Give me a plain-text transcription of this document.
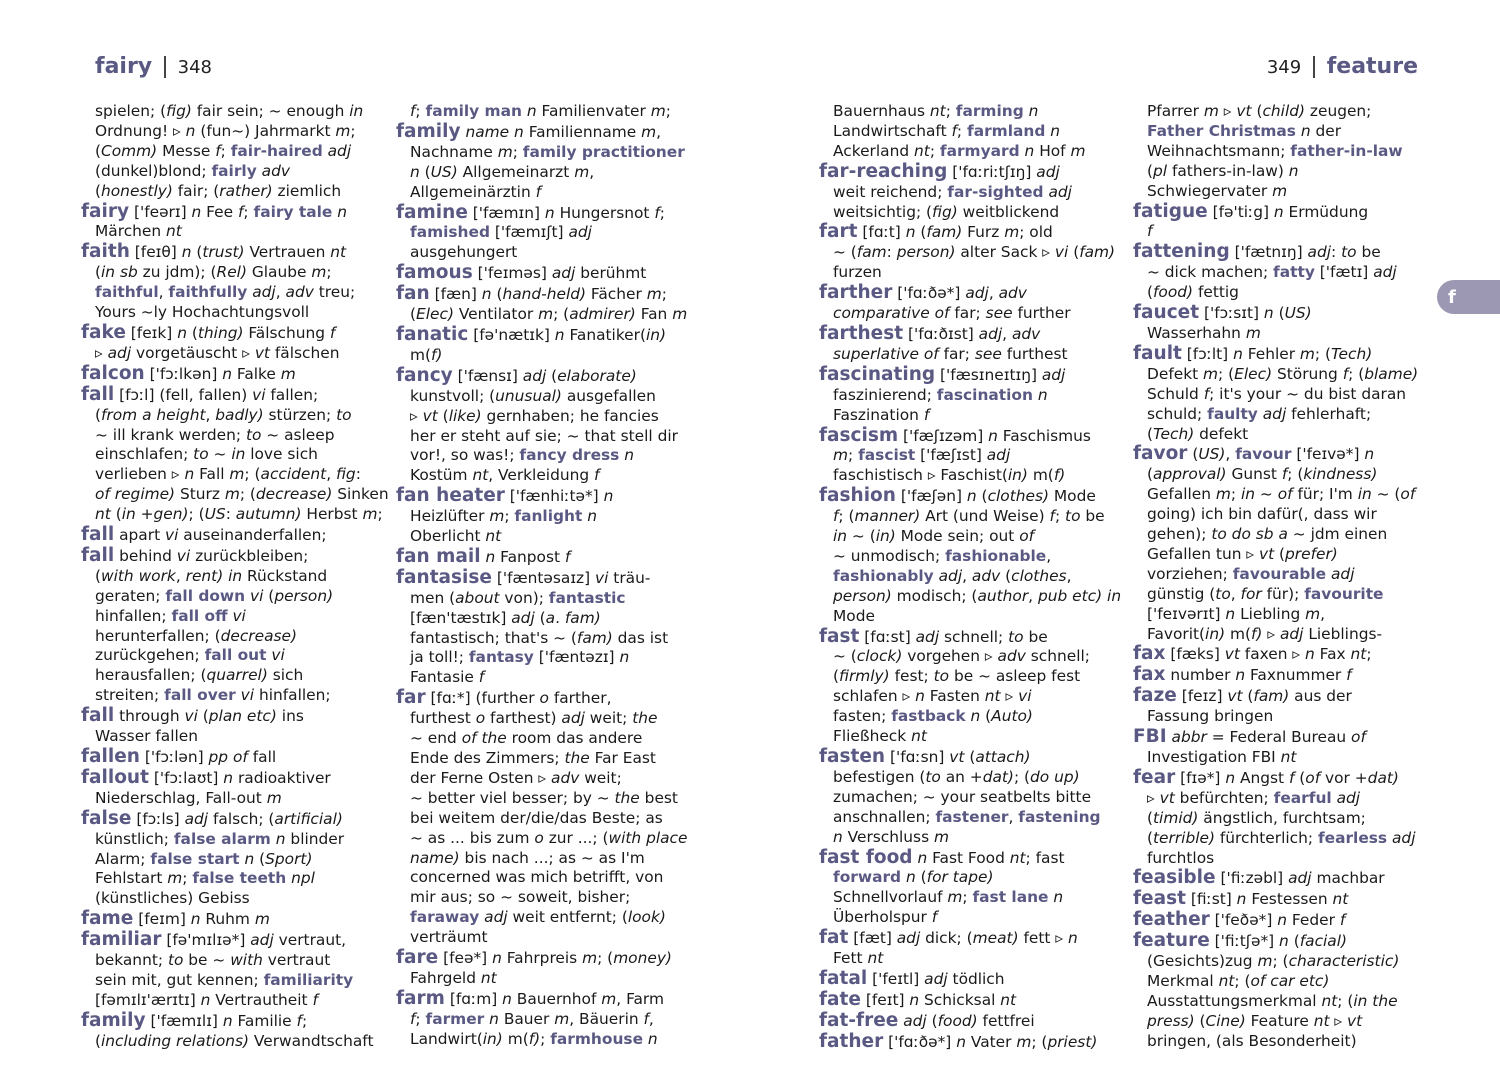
fairy 348	349 feature
f
spielen; (fig) fair sein; ~ enough in
Ordnung! ▹ n (fun~) Jahrmarkt m;
(Comm) Messe f; fair-haired adj
(dunkel)blond; fairly adv
(honestly) fair; (rather) ziemlich
fairy ['feərɪ] n Fee f; fairy tale n
Märchen nt
faith [feɪθ] n (trust) Vertrauen nt
(in sb zu jdm); (Rel) Glaube m;
faithful, faithfully adj, adv treu;
Yours ~ly Hochachtungsvoll
fake [feɪk] n (thing) Fälschung f
▹ adj vorgetäuscht ▹ vt fälschen
falcon ['fɔːlkən] n Falke m
fall [fɔːl] (fell, fallen) vi fallen;
(from a height, badly) stürzen; to
~ ill krank werden; to ~ asleep
einschlafen; to ~ in love sich
verlieben ▹ n Fall m; (accident, fig:
of regime) Sturz m; (decrease) Sinken
nt (in +gen); (US: autumn) Herbst m;
fall apart vi auseinanderfallen;
fall behind vi zurückbleiben;
(with work, rent) in Rückstand
geraten; fall down vi (person)
hinfallen; fall off vi
herunterfallen; (decrease)
zurückgehen; fall out vi
herausfallen; (quarrel) sich
streiten; fall over vi hinfallen;
fall through vi (plan etc) ins
Wasser fallen
fallen ['fɔːlən] pp of fall
fallout ['fɔːlaʊt] n radioaktiver
Niederschlag, Fall-out m
false [fɔːls] adj falsch; (artificial)
künstlich; false alarm n blinder
Alarm; false start n (Sport)
Fehlstart m; false teeth npl
(künstliches) Gebiss
fame [feɪm] n Ruhm m
familiar [fə'mɪlɪə*] adj vertraut,
bekannt; to be ~ with vertraut
sein mit, gut kennen; familiarity
[fəmɪlɪ'ærɪtɪ] n Vertrautheit f
family ['fæmɪlɪ] n Familie f;
(including relations) Verwandtschaft
f; family man n Familienvater m;
family name n Familienname m,
Nachname m; family practitioner
n (US) Allgemeinarzt m,
Allgemeinärztin f
famine ['fæmɪn] n Hungersnot f;
famished ['fæmɪʃt] adj
ausgehungert
famous ['feɪməs] adj berühmt
fan [fæn] n (hand-held) Fächer m;
(Elec) Ventilator m; (admirer) Fan m
fanatic [fə'nætɪk] n Fanatiker(in)
m(f)
fancy ['fænsɪ] adj (elaborate)
kunstvoll; (unusual) ausgefallen
▹ vt (like) gernhaben; he fancies
her er steht auf sie; ~ that stell dir
vor!, so was!; fancy dress n
Kostüm nt, Verkleidung f
fan heater ['fænhiːtə*] n
Heizlüfter m; fanlight n
Oberlicht nt
fan mail n Fanpost f
fantasise ['fæntəsaɪz] vi träu-
men (about von); fantastic
[fæn'tæstɪk] adj (a. fam)
fantastisch; that's ~ (fam) das ist
ja toll!; fantasy ['fæntəzɪ] n
Fantasie f
far [fɑː*] (further o farther,
furthest o farthest) adj weit; the
~ end of the room das andere
Ende des Zimmers; the Far East
der Ferne Osten ▹ adv weit;
~ better viel besser; by ~ the best
bei weitem der/die/das Beste; as
~ as ... bis zum o zur ...; (with place
name) bis nach ...; as ~ as I'm
concerned was mich betrifft, von
mir aus; so ~ soweit, bisher;
faraway adj weit entfernt; (look)
verträumt
fare [feə*] n Fahrpreis m; (money)
Fahrgeld nt
farm [fɑːm] n Bauernhof m, Farm
f; farmer n Bauer m, Bäuerin f,
Landwirt(in) m(f); farmhouse n
Bauernhaus nt; farming n
Landwirtschaft f; farmland n
Ackerland nt; farmyard n Hof m
far-reaching ['fɑːriːtʃɪŋ] adj
weit reichend; far-sighted adj
weitsichtig; (fig) weitblickend
fart [fɑːt] n (fam) Furz m; old
~ (fam: person) alter Sack ▹ vi (fam)
furzen
farther ['fɑːðə*] adj, adv
comparative of far; see further
farthest ['fɑːðɪst] adj, adv
superlative of far; see furthest
fascinating ['fæsɪneɪtɪŋ] adj
faszinierend; fascination n
Faszination f
fascism ['fæʃɪzəm] n Faschismus
m; fascist ['fæʃɪst] adj
faschistisch ▹ Faschist(in) m(f)
fashion ['fæʃən] n (clothes) Mode
f; (manner) Art (und Weise) f; to be
in ~ (in) Mode sein; out of
~ unmodisch; fashionable,
fashionably adj, adv (clothes,
person) modisch; (author, pub etc) in
Mode
fast [fɑːst] adj schnell; to be
~ (clock) vorgehen ▹ adv schnell;
(firmly) fest; to be ~ asleep fest
schlafen ▹ n Fasten nt ▹ vi
fasten; fastback n (Auto)
Fließheck nt
fasten ['fɑːsn] vt (attach)
befestigen (to an +dat); (do up)
zumachen; ~ your seatbelts bitte
anschnallen; fastener, fastening
n Verschluss m
fast food n Fast Food nt; fast
forward n (for tape)
Schnellvorlauf m; fast lane n
Überholspur f
fat [fæt] adj dick; (meat) fett ▹ n
Fett nt
fatal ['feɪtl] adj tödlich
fate [feɪt] n Schicksal nt
fat-free adj (food) fettfrei
father ['fɑːðə*] n Vater m; (priest)
Pfarrer m ▹ vt (child) zeugen;
Father Christmas n der
Weihnachtsmann; father-in-law
(pl fathers-in-law) n
Schwiegervater m
fatigue [fə'tiːg] n Ermüdung
f
fattening ['fætnɪŋ] adj: to be
~ dick machen; fatty ['fætɪ] adj
(food) fettig
faucet ['fɔːsɪt] n (US)
Wasserhahn m
fault [fɔːlt] n Fehler m; (Tech)
Defekt m; (Elec) Störung f; (blame)
Schuld f; it's your ~ du bist daran
schuld; faulty adj fehlerhaft;
(Tech) defekt
favor (US), favour ['feɪvə*] n
(approval) Gunst f; (kindness)
Gefallen m; in ~ of für; I'm in ~ (of
going) ich bin dafür(, dass wir
gehen); to do sb a ~ jdm einen
Gefallen tun ▹ vt (prefer)
vorziehen; favourable adj
günstig (to, for für); favourite
['feɪvərɪt] n Liebling m,
Favorit(in) m(f) ▹ adj Lieblings-
fax [fæks] vt faxen ▹ n Fax nt;
fax number n Faxnummer f
faze [feɪz] vt (fam) aus der
Fassung bringen
FBI abbr = Federal Bureau of
Investigation FBI nt
fear [fɪə*] n Angst f (of vor +dat)
▹ vt befürchten; fearful adj
(timid) ängstlich, furchtsam;
(terrible) fürchterlich; fearless adj
furchtlos
feasible ['fiːzəbl] adj machbar
feast [fiːst] n Festessen nt
feather ['feðə*] n Feder f
feature ['fiːtʃə*] n (facial)
(Gesichts)zug m; (characteristic)
Merkmal nt; (of car etc)
Ausstattungsmerkmal nt; (in the
press) (Cine) Feature nt ▹ vt
bringen, (als Besonderheit)
